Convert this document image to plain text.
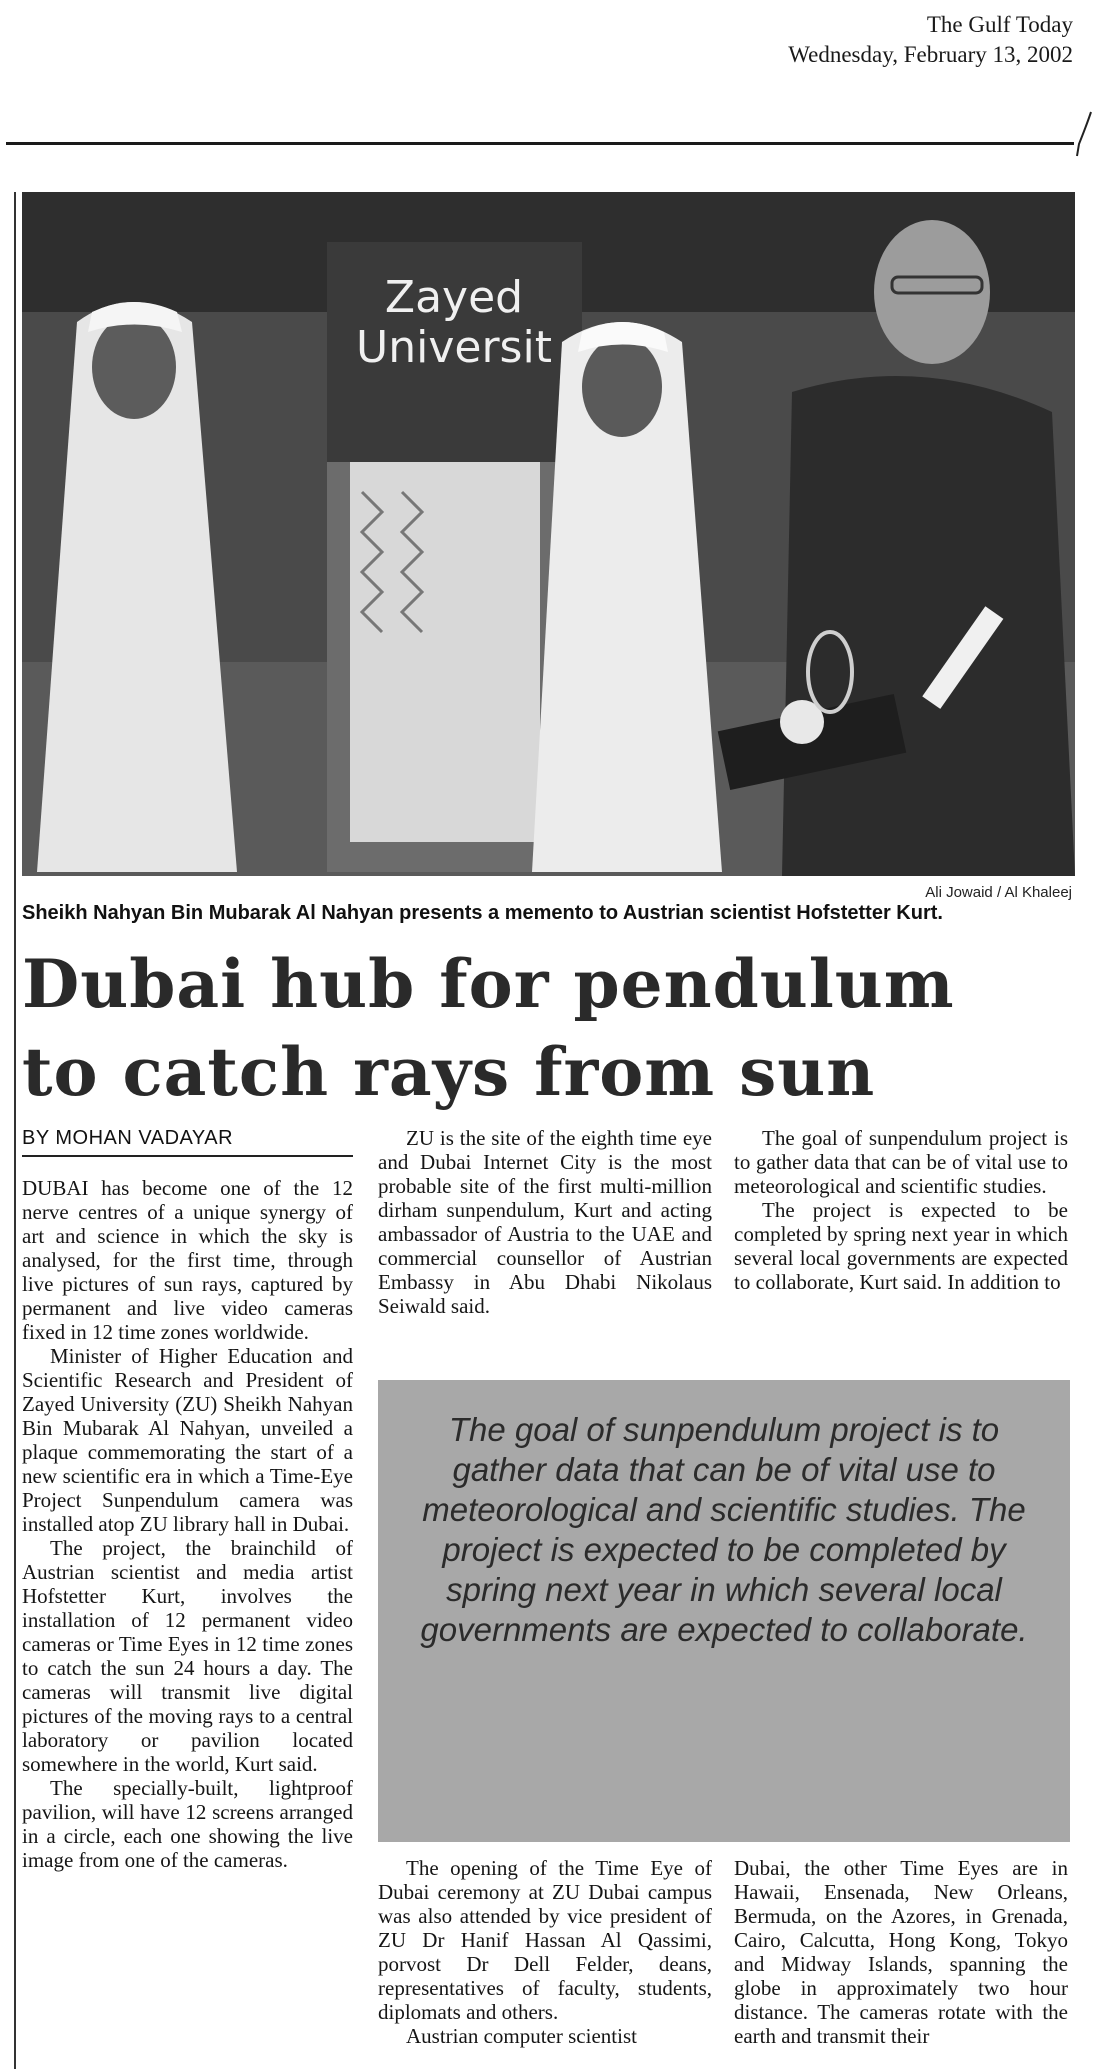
The Gulf Today
Wednesday, February 13, 2002
Zayed
Universit
Ali Jowaid / Al Khaleej
Sheikh Nahyan Bin Mubarak Al Nahyan presents a memento to Austrian scientist Hofstetter Kurt.
Dubai hub for pendulum
to catch rays from sun
BY MOHAN VADAYAR

DUBAI has become one of the 12 nerve centres of a unique synergy of art and science in which the sky is analysed, for the first time, through live pictures of sun rays, captured by permanent and live video cameras fixed in 12 time zones worldwide.

Minister of Higher Education and Scientific Research and President of Zayed University (ZU) Sheikh Nahyan Bin Mubarak Al Nahyan, unveiled a plaque commemorating the start of a new scientific era in which a Time-Eye Project Sunpendulum camera was installed atop ZU library hall in Dubai.

The project, the brainchild of Austrian scientist and media artist Hofstetter Kurt, involves the installation of 12 permanent video cameras or Time Eyes in 12 time zones to catch the sun 24 hours a day. The cameras will transmit live digital pictures of the moving rays to a central laboratory or pavilion located somewhere in the world, Kurt said.

The specially-built, lightproof pavilion, will have 12 screens arranged in a circle, each one showing the live image from one of the cameras.

ZU is the site of the eighth time eye and Dubai Internet City is the most probable site of the first multi-million dirham sunpendulum, Kurt and acting ambassador of Austria to the UAE and commercial counsellor of Austrian Embassy in Abu Dhabi Nikolaus Seiwald said.

The goal of sunpendulum project is to gather data that can be of vital use to meteorological and scientific studies.

The project is expected to be completed by spring next year in which several local governments are expected to collaborate, Kurt said. In addition to

The goal of sunpendulum project is to gather data that can be of vital use to meteorological and scientific studies. The project is expected to be completed by spring next year in which several local governments are expected to collaborate.

The opening of the Time Eye of Dubai ceremony at ZU Dubai campus was also attended by vice president of ZU Dr Hanif Hassan Al Qassimi, porvost Dr Dell Felder, deans, representatives of faculty, students, diplomats and others.

Austrian computer scientist

Dubai, the other Time Eyes are in Hawaii, Ensenada, New Orleans, Bermuda, on the Azores, in Grenada, Cairo, Calcutta, Hong Kong, Tokyo and Midway Islands, spanning the globe in approximately two hour distance. The cameras rotate with the earth and transmit their
